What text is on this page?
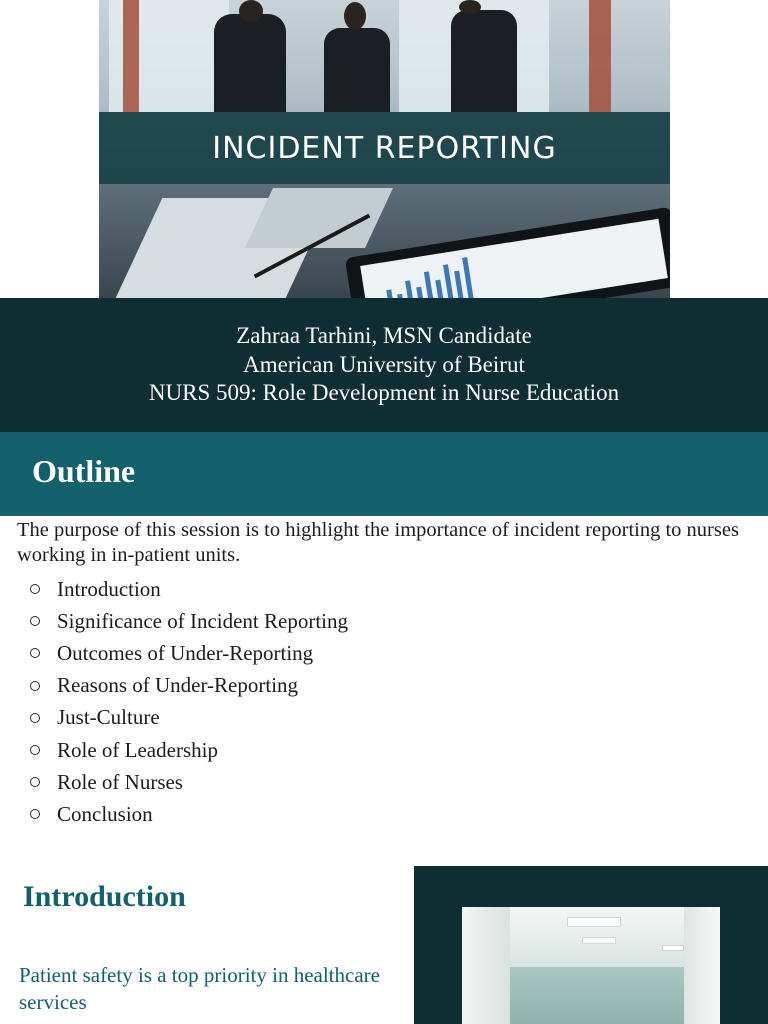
INCIDENT REPORTING
Zahraa Tarhini, MSN Candidate
American University of Beirut
NURS 509: Role Development in Nurse Education
Outline
The purpose of this session is to highlight the importance of incident reporting to nurses working in in-patient units.
Introduction
Significance of Incident Reporting
Outcomes of Under-Reporting
Reasons of Under-Reporting
Just-Culture
Role of Leadership
Role of Nurses
Conclusion
Introduction
Patient safety is a top priority in healthcare services
